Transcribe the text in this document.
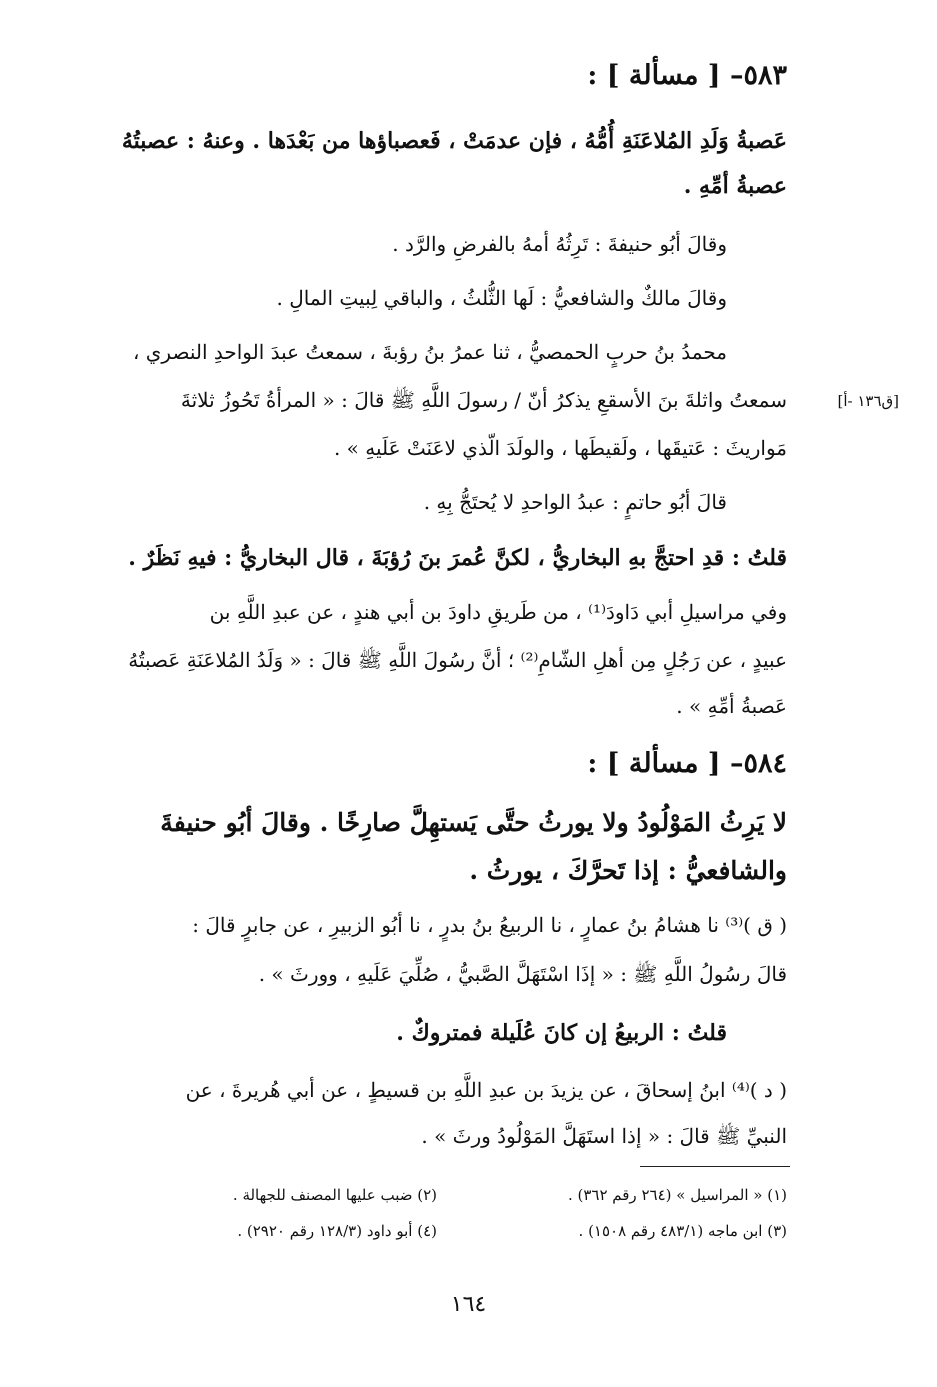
٥٨٣– [ مسألة ] :
عَصبةُ وَلَدِ المُلاعَنَةِ أُمُّهُ ، فإن عدمَتْ ، فَعصباؤها من بَعْدَها . وعنهُ : عصبتُهُ
عصبةُ أمِّهِ .
وقالَ أبُو حنيفةَ : تَرِثُهُ أمهُ بالفرضِ والرَّد .
وقالَ مالكٌ والشافعيُّ : لَها الثُّلثُ ، والباقي لِبيتِ المالِ .
محمدُ بنُ حربٍ الحمصيُّ ، ثنا عمرُ بنُ رؤبةَ ، سمعتُ عبدَ الواحدِ النصري ،
سمعتُ واثلةَ بنَ الأسقعِ يذكرُ أنّ / رسولَ اللَّهِ ﷺ قالَ : « المرأةُ تَحُوزُ ثلاثةَ	[ق١٣٦ -أ]
مَواريثَ : عَتيقَها ، ولَقيطَها ، والولَدَ الّذي لاعَنَتْ عَلَيهِ » .
قالَ أبُو حاتمٍ : عبدُ الواحدِ لا يُحتَجُّ بِهِ .
قلتُ : قدِ احتجَّ بهِ البخاريُّ ، لكنَّ عُمرَ بنَ رُؤبَةَ ، قال البخاريُّ : فيهِ نَظَرٌ .
وفي مراسيلِ أبي دَاودَ⁽¹⁾ ، من طَريقِ داودَ بن أبي هندٍ ، عن عبدِ اللَّهِ بن
عبيدٍ ، عن رَجُلٍ مِن أهلِ الشّامِ⁽²⁾ ؛ أنَّ رسُولَ اللَّهِ ﷺ قالَ : « وَلَدُ المُلاعَنَةِ عَصبتُهُ
عَصبةُ أمِّهِ » .
٥٨٤– [ مسألة ] :
لا يَرِثُ المَوْلُودُ ولا يورثُ حتَّى يَستهِلَّ صارِخًا . وقالَ أبُو حنيفةَ
والشافعيُّ : إذا تَحرَّكَ ، يورثُ .
( ق )⁽³⁾ نا هشامُ بنُ عمارٍ ، نا الربيعُ بنُ بدرٍ ، نا أبُو الزبيرِ ، عن جابرٍ قالَ :
قالَ رسُولُ اللَّهِ ﷺ : « إذَا اسْتَهَلَّ الصَّبيُّ ، صُلِّيَ عَلَيهِ ، وورثَ » .
قلتُ : الربيعُ إن كانَ عُلَيلة فمتروكٌ .
( د )⁽⁴⁾ ابنُ إسحاقَ ، عن يزيدَ بن عبدِ اللَّهِ بن قسيطٍ ، عن أبي هُريرةَ ، عن
النبيِّ ﷺ قالَ : « إذا استَهَلَّ المَوْلُودُ ورثَ » .
(١) « المراسيل » (٢٦٤ رقم ٣٦٢) .
(٢) ضبب عليها المصنف للجهالة .
(٣) ابن ماجه (٤٨٣/١ رقم ١٥٠٨) .
(٤) أبو داود (١٢٨/٣ رقم ٢٩٢٠) .
١٦٤
